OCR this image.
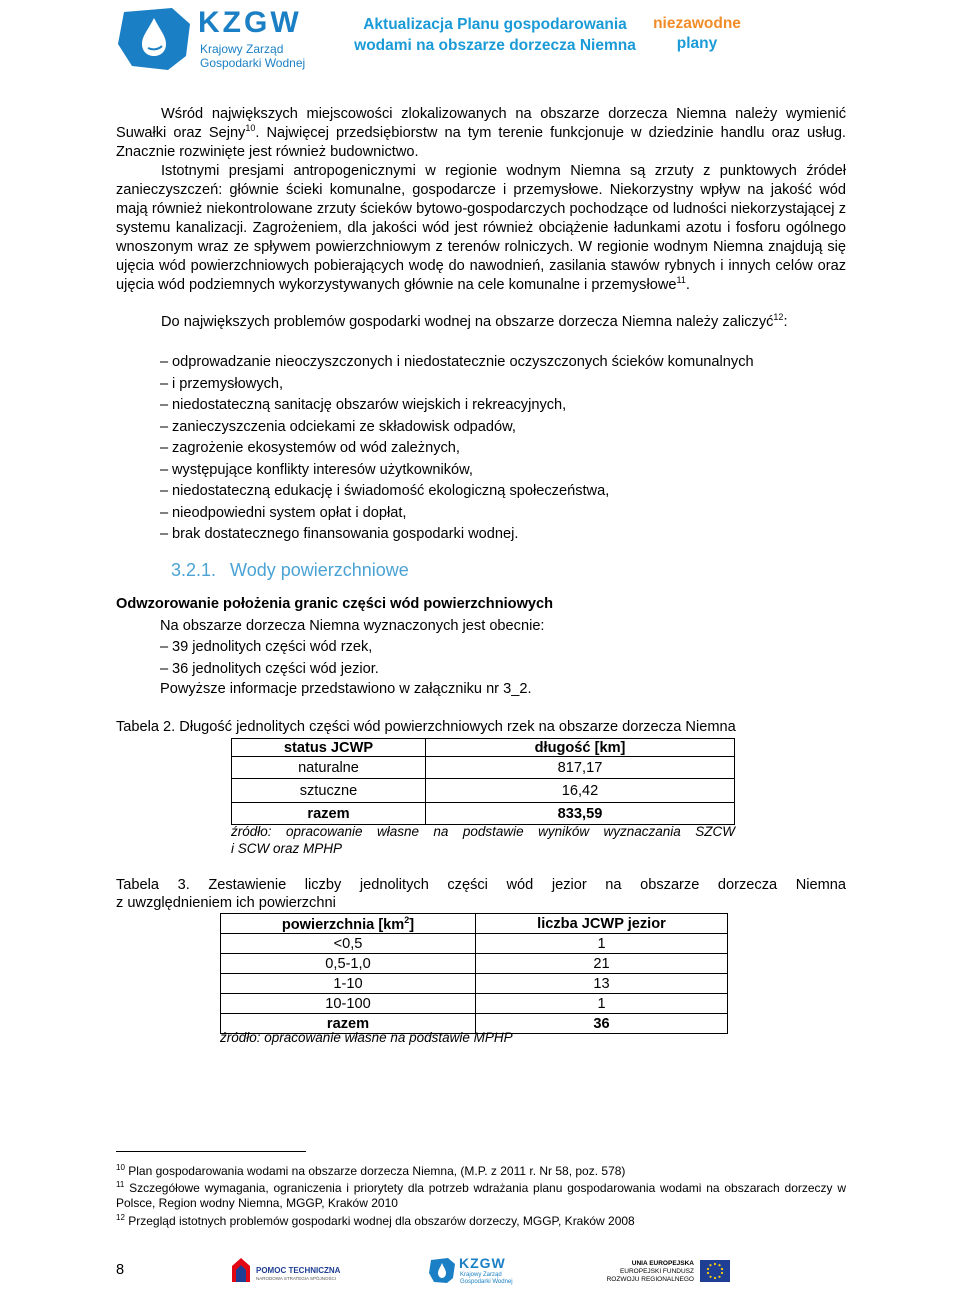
KZGW
Krajowy Zarząd
Gospodarki Wodnej
Aktualizacja Planu gospodarowania
wodami na obszarze dorzecza Niemna
niezawodne
plany

Wśród największych miejscowości zlokalizowanych na obszarze dorzecza Niemna należy wymienić Suwałki oraz Sejny$^{10}$. Najwięcej przedsiębiorstw na tym terenie funkcjonuje w dziedzinie handlu oraz usług. Znacznie rozwinięte jest również budownictwo.

Istotnymi presjami antropogenicznymi w regionie wodnym Niemna są zrzuty z punktowych źródeł zanieczyszczeń: głównie ścieki komunalne, gospodarcze i przemysłowe. Niekorzystny wpływ na jakość wód mają również niekontrolowane zrzuty ścieków bytowo-gospodarczych pochodzące od ludności niekorzystającej z systemu kanalizacji. Zagrożeniem, dla jakości wód jest również obciążenie ładunkami azotu i fosforu ogólnego wnoszonym wraz ze spływem powierzchniowym z terenów rolniczych. W regionie wodnym Niemna znajdują się ujęcia wód powierzchniowych pobierających wodę do nawodnień, zasilania stawów rybnych i innych celów oraz ujęcia wód podziemnych wykorzystywanych głównie na cele komunalne i przemysłowe$^{11}$.

Do największych problemów gospodarki wodnej na obszarze dorzecza Niemna należy zaliczyć$^{12}$:

– odprowadzanie nieoczyszczonych i niedostatecznie oczyszczonych ścieków komunalnych
– i przemysłowych,
– niedostateczną sanitację obszarów wiejskich i rekreacyjnych,
– zanieczyszczenia odciekami ze składowisk odpadów,
– zagrożenie ekosystemów od wód zależnych,
– występujące konflikty interesów użytkowników,
– niedostateczną edukację i świadomość ekologiczną społeczeństwa,
– nieodpowiedni system opłat i dopłat,
– brak dostatecznego finansowania gospodarki wodnej.
3.2.1. Wody powierzchniowe
Odwzorowanie położenia granic części wód powierzchniowych
Na obszarze dorzecza Niemna wyznaczonych jest obecnie:
– 39 jednolitych części wód rzek,
– 36 jednolitych części wód jezior.
Powyższe informacje przedstawiono w załączniku nr 3_2.
Tabela 2. Długość jednolitych części wód powierzchniowych rzek na obszarze dorzecza Niemna
status JCWP	długość [km]
naturalne	817,17
sztuczne	16,42
razem	833,59
źródło: opracowanie własne na podstawie wyników wyznaczania SZCW
i SCW oraz MPHP

Tabela 3. Zestawienie liczby jednolitych części wód jezior na obszarze dorzecza Niemna

z uwzględnieniem ich powierzchni
powierzchnia $[km^2]$	liczba JCWP jezior
<0,5	1
0,5-1,0	21
1-10	13
10-100	1
razem	36
źródło: opracowanie własne na podstawie MPHP

$^{10}$ Plan gospodarowania wodami na obszarze dorzecza Niemna, (M.P. z 2011 r. Nr 58, poz. 578)

$^{11}$ Szczegółowe wymagania, ograniczenia i priorytety dla potrzeb wdrażania planu gospodarowania wodami na obszarach dorzeczy w Polsce, Region wodny Niemna, MGGP, Kraków 2010

$^{12}$ Przegląd istotnych problemów gospodarki wodnej dla obszarów dorzeczy, MGGP, Kraków 2008

8	POMOC TECHNICZNA
NARODOWA STRATEGIA SPÓJNOŚCI
KZGW
Krajowy Zarząd
Gospodarki Wodnej
UNIA EUROPEJSKA
EUROPEJSKI FUNDUSZ
ROZWOJU REGIONALNEGO
